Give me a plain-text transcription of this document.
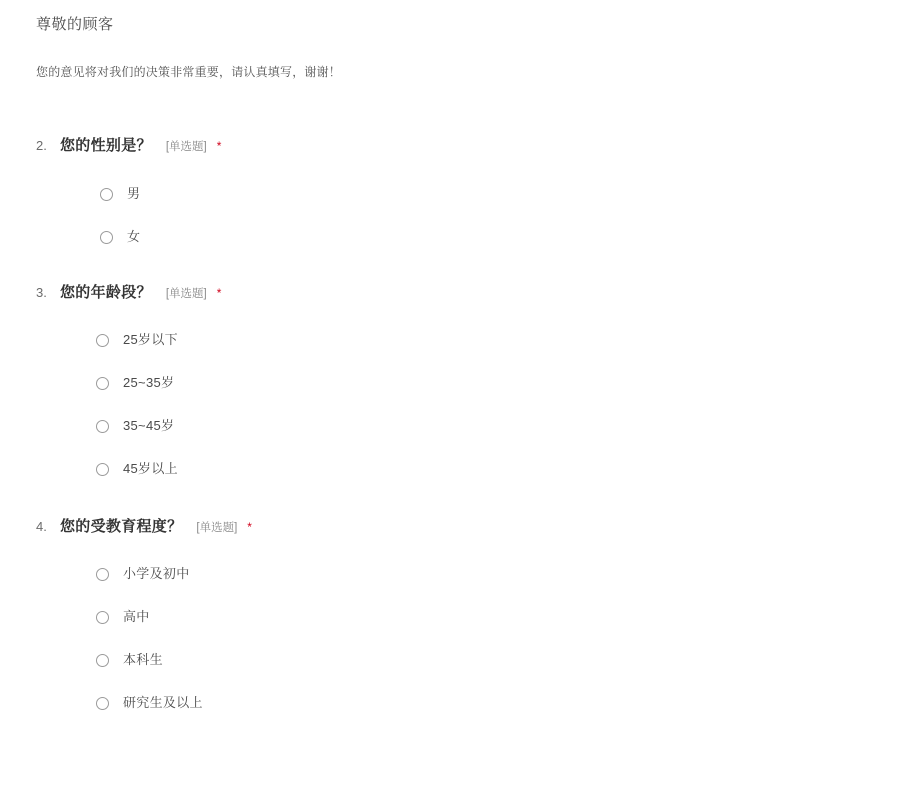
尊敬的顾客
您的意见将对我们的决策非常重要，请认真填写，谢谢！
2. 您的性别是？ [单选题] *
男
女
3. 您的年龄段？ [单选题] *
25岁以下
25~35岁
35~45岁
45岁以上
4. 您的受教育程度？ [单选题] *
小学及初中
高中
本科生
研究生及以上
